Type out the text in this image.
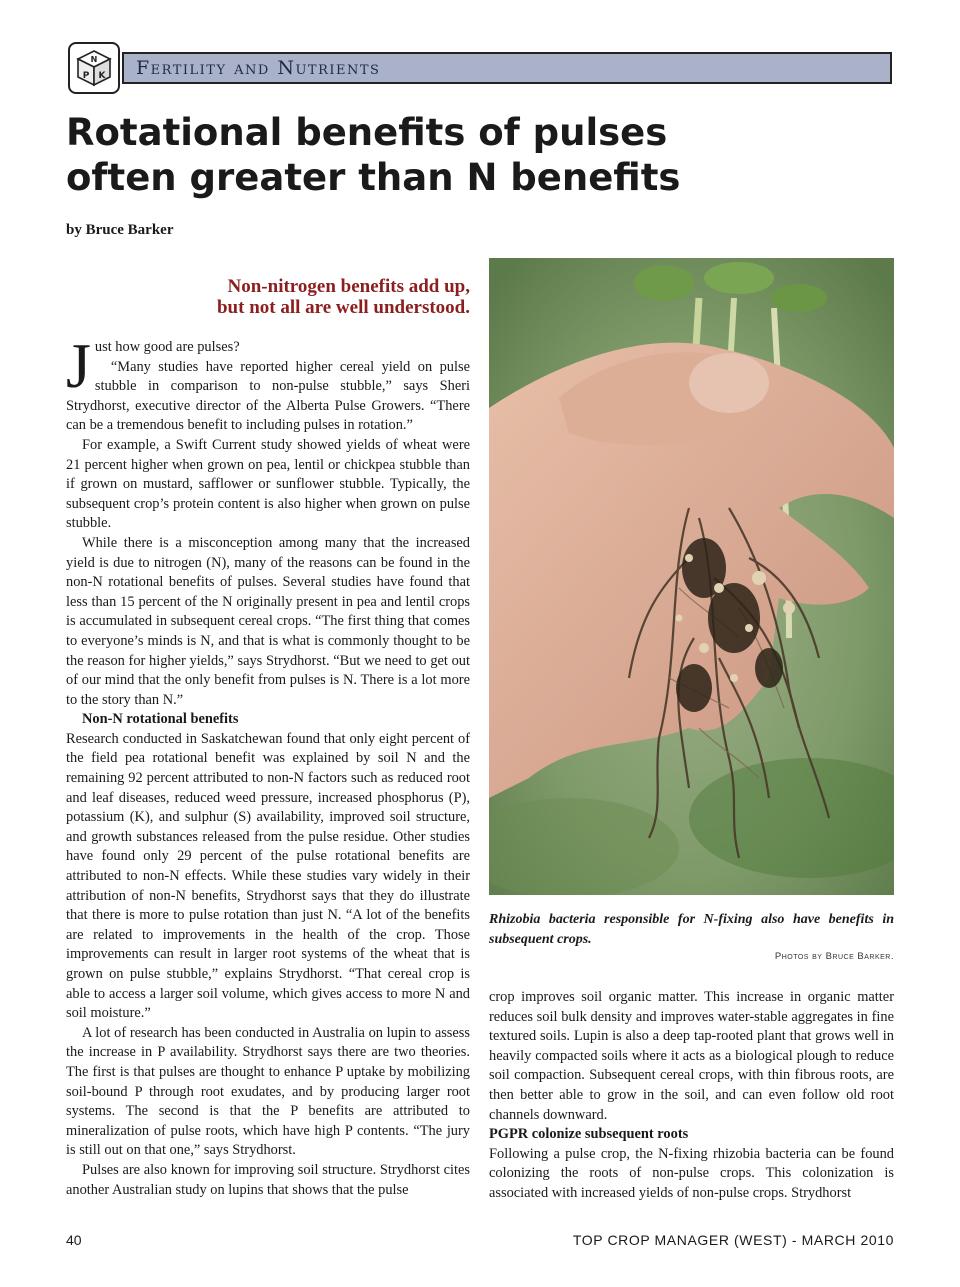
N
P K Fertility and Nutrients
Rotational benefits of pulses
often greater than N benefits
by Bruce Barker
Non-nitrogen benefits add up,
but not all are well understood.

Just how good are pulses?

“Many studies have reported higher cereal yield on pulse stubble in comparison to non-pulse stubble,” says Sheri Strydhorst, executive director of the Alberta Pulse Growers. “There can be a tremendous benefit to including pulses in rotation.”

For example, a Swift Current study showed yields of wheat were 21 percent higher when grown on pea, lentil or chickpea stubble than if grown on mustard, safflower or sunflower stubble. Typically, the subsequent crop’s protein content is also higher when grown on pulse stubble.

While there is a misconception among many that the increased yield is due to nitrogen (N), many of the reasons can be found in the non-N rotational benefits of pulses. Several studies have found that less than 15 percent of the N originally present in pea and lentil crops is accumulated in subsequent cereal crops. “The first thing that comes to everyone’s minds is N, and that is what is commonly thought to be the reason for higher yields,” says Strydhorst. “But we need to get out of our mind that the only benefit from pulses is N. There is a lot more to the story than N.”

Non-N rotational benefits

Research conducted in Saskatchewan found that only eight percent of the field pea rotational benefit was explained by soil N and the remaining 92 percent attributed to non-N factors such as reduced root and leaf diseases, reduced weed pressure, increased phosphorus (P), potassium (K), and sulphur (S) availability, improved soil structure, and growth substances released from the pulse residue. Other studies have found only 29 percent of the pulse rotational benefits are attributed to non-N effects. While these studies vary widely in their attribution of non-N benefits, Strydhorst says that they do illustrate that there is more to pulse rotation than just N. “A lot of the benefits are related to improvements in the health of the crop. Those improvements can result in larger root systems of the wheat that is grown on pulse stubble,” explains Strydhorst. “That cereal crop is able to access a larger soil volume, which gives access to more N and soil moisture.”

A lot of research has been conducted in Australia on lupin to assess the increase in P availability. Strydhorst says there are two theories. The first is that pulses are thought to enhance P uptake by mobilizing soil-bound P through root exudates, and by producing larger root systems. The second is that the P benefits are attributed to mineralization of pulse roots, which have high P contents. “The jury is still out on that one,” says Strydhorst.

Pulses are also known for improving soil structure. Strydhorst cites another Australian study on lupins that shows that the pulse

Rhizobia bacteria responsible for N-fixing also have benefits in subsequent crops.
Photos by Bruce Barker.

crop improves soil organic matter. This increase in organic matter reduces soil bulk density and improves water-stable aggregates in fine textured soils. Lupin is also a deep tap-rooted plant that grows well in heavily compacted soils where it acts as a biological plough to reduce soil compaction. Subsequent cereal crops, with thin fibrous roots, are then better able to grow in the soil, and can even follow old root channels downward.

PGPR colonize subsequent roots

Following a pulse crop, the N-fixing rhizobia bacteria can be found colonizing the roots of non-pulse crops. This colonization is associated with increased yields of non-pulse crops. Strydhorst

40	TOP CROP MANAGER (WEST) - MARCH 2010
